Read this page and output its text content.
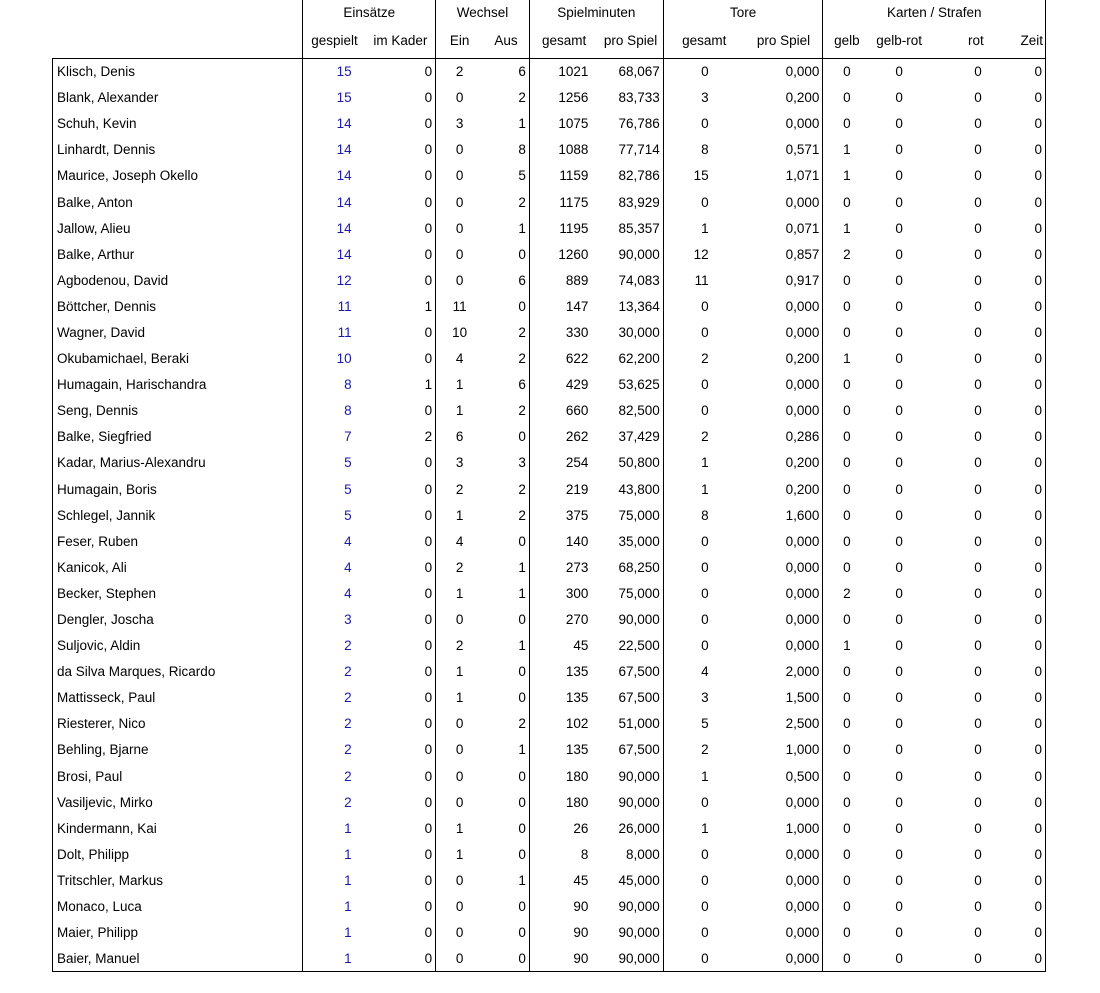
	Einsätze		Wechsel		Spielminuten		Tore		Karten / Strafen			
	gespielt	im Kader	Ein	Aus	gesamt	pro Spiel	gesamt	pro Spiel	gelb	gelb-rot	rot	Zeit
Klisch, Denis	15	0	2	6	1021	68,067	0	0,000	0	0	0	0
Blank, Alexander	15	0	0	2	1256	83,733	3	0,200	0	0	0	0
Schuh, Kevin	14	0	3	1	1075	76,786	0	0,000	0	0	0	0
Linhardt, Dennis	14	0	0	8	1088	77,714	8	0,571	1	0	0	0
Maurice, Joseph Okello	14	0	0	5	1159	82,786	15	1,071	1	0	0	0
Balke, Anton	14	0	0	2	1175	83,929	0	0,000	0	0	0	0
Jallow, Alieu	14	0	0	1	1195	85,357	1	0,071	1	0	0	0
Balke, Arthur	14	0	0	0	1260	90,000	12	0,857	2	0	0	0
Agbodenou, David	12	0	0	6	889	74,083	11	0,917	0	0	0	0
Böttcher, Dennis	11	1	11	0	147	13,364	0	0,000	0	0	0	0
Wagner, David	11	0	10	2	330	30,000	0	0,000	0	0	0	0
Okubamichael, Beraki	10	0	4	2	622	62,200	2	0,200	1	0	0	0
Humagain, Harischandra	8	1	1	6	429	53,625	0	0,000	0	0	0	0
Seng, Dennis	8	0	1	2	660	82,500	0	0,000	0	0	0	0
Balke, Siegfried	7	2	6	0	262	37,429	2	0,286	0	0	0	0
Kadar, Marius-Alexandru	5	0	3	3	254	50,800	1	0,200	0	0	0	0
Humagain, Boris	5	0	2	2	219	43,800	1	0,200	0	0	0	0
Schlegel, Jannik	5	0	1	2	375	75,000	8	1,600	0	0	0	0
Feser, Ruben	4	0	4	0	140	35,000	0	0,000	0	0	0	0
Kanicok, Ali	4	0	2	1	273	68,250	0	0,000	0	0	0	0
Becker, Stephen	4	0	1	1	300	75,000	0	0,000	2	0	0	0
Dengler, Joscha	3	0	0	0	270	90,000	0	0,000	0	0	0	0
Suljovic, Aldin	2	0	2	1	45	22,500	0	0,000	1	0	0	0
da Silva Marques, Ricardo	2	0	1	0	135	67,500	4	2,000	0	0	0	0
Mattisseck, Paul	2	0	1	0	135	67,500	3	1,500	0	0	0	0
Riesterer, Nico	2	0	0	2	102	51,000	5	2,500	0	0	0	0
Behling, Bjarne	2	0	0	1	135	67,500	2	1,000	0	0	0	0
Brosi, Paul	2	0	0	0	180	90,000	1	0,500	0	0	0	0
Vasiljevic, Mirko	2	0	0	0	180	90,000	0	0,000	0	0	0	0
Kindermann, Kai	1	0	1	0	26	26,000	1	1,000	0	0	0	0
Dolt, Philipp	1	0	1	0	8	8,000	0	0,000	0	0	0	0
Tritschler, Markus	1	0	0	1	45	45,000	0	0,000	0	0	0	0
Monaco, Luca	1	0	0	0	90	90,000	0	0,000	0	0	0	0
Maier, Philipp	1	0	0	0	90	90,000	0	0,000	0	0	0	0
Baier, Manuel	1	0	0	0	90	90,000	0	0,000	0	0	0	0
